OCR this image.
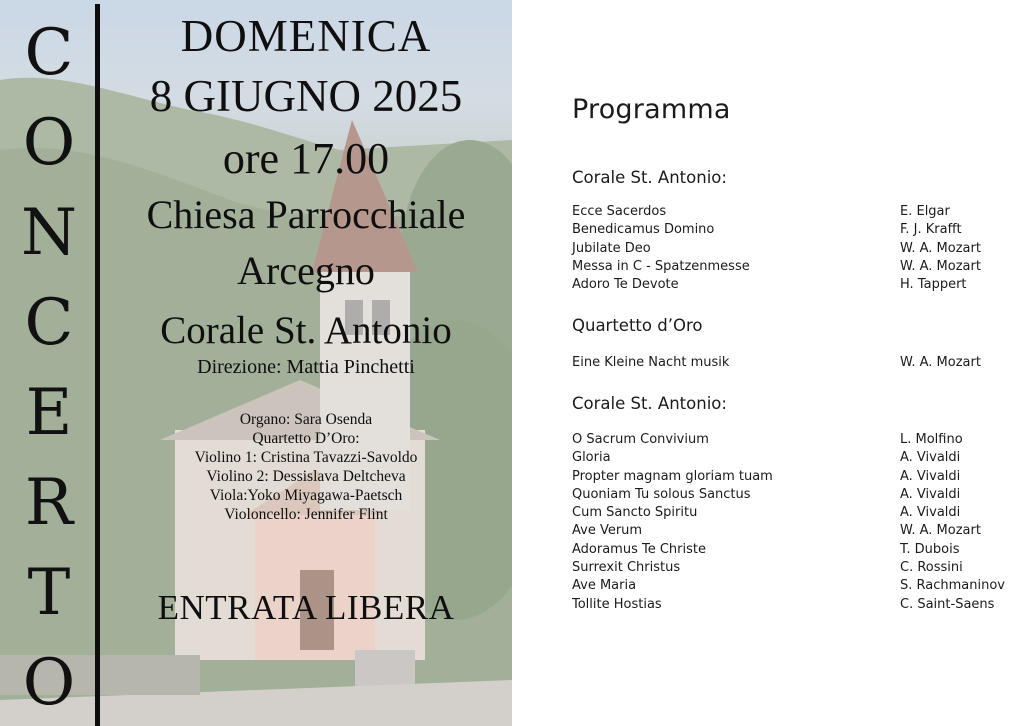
C
O
N
C
E
R
T
O
DOMENICA
8 GIUGNO 2025
ore 17.00
Chiesa Parrocchiale
Arcegno
Corale St. Antonio
Direzione: Mattia Pinchetti
Organo: Sara Osenda
Quartetto D’Oro:
Violino 1: Cristina Tavazzi-Savoldo
Violino 2: Dessislava Deltcheva
Viola:Yoko Miyagawa-Paetsch
Violoncello: Jennifer Flint
ENTRATA LIBERA
Programma
Corale St. Antonio:
Ecce Sacerdos	E. Elgar
Benedicamus Domino	F. J. Krafft
Jubilate Deo	W. A. Mozart
Messa in C - Spatzenmesse	W. A. Mozart
Adoro Te Devote	H. Tappert
Quartetto d’Oro
Eine Kleine Nacht musik	W. A. Mozart
Corale St. Antonio:
O Sacrum Convivium	L. Molfino
Gloria	A. Vivaldi
Propter magnam gloriam tuam	A. Vivaldi
Quoniam Tu solous Sanctus	A. Vivaldi
Cum Sancto Spiritu	A. Vivaldi
Ave Verum	W. A. Mozart
Adoramus Te Christe	T. Dubois
Surrexit Christus	C. Rossini
Ave Maria	S. Rachmaninov
Tollite Hostias	C. Saint-Saens
